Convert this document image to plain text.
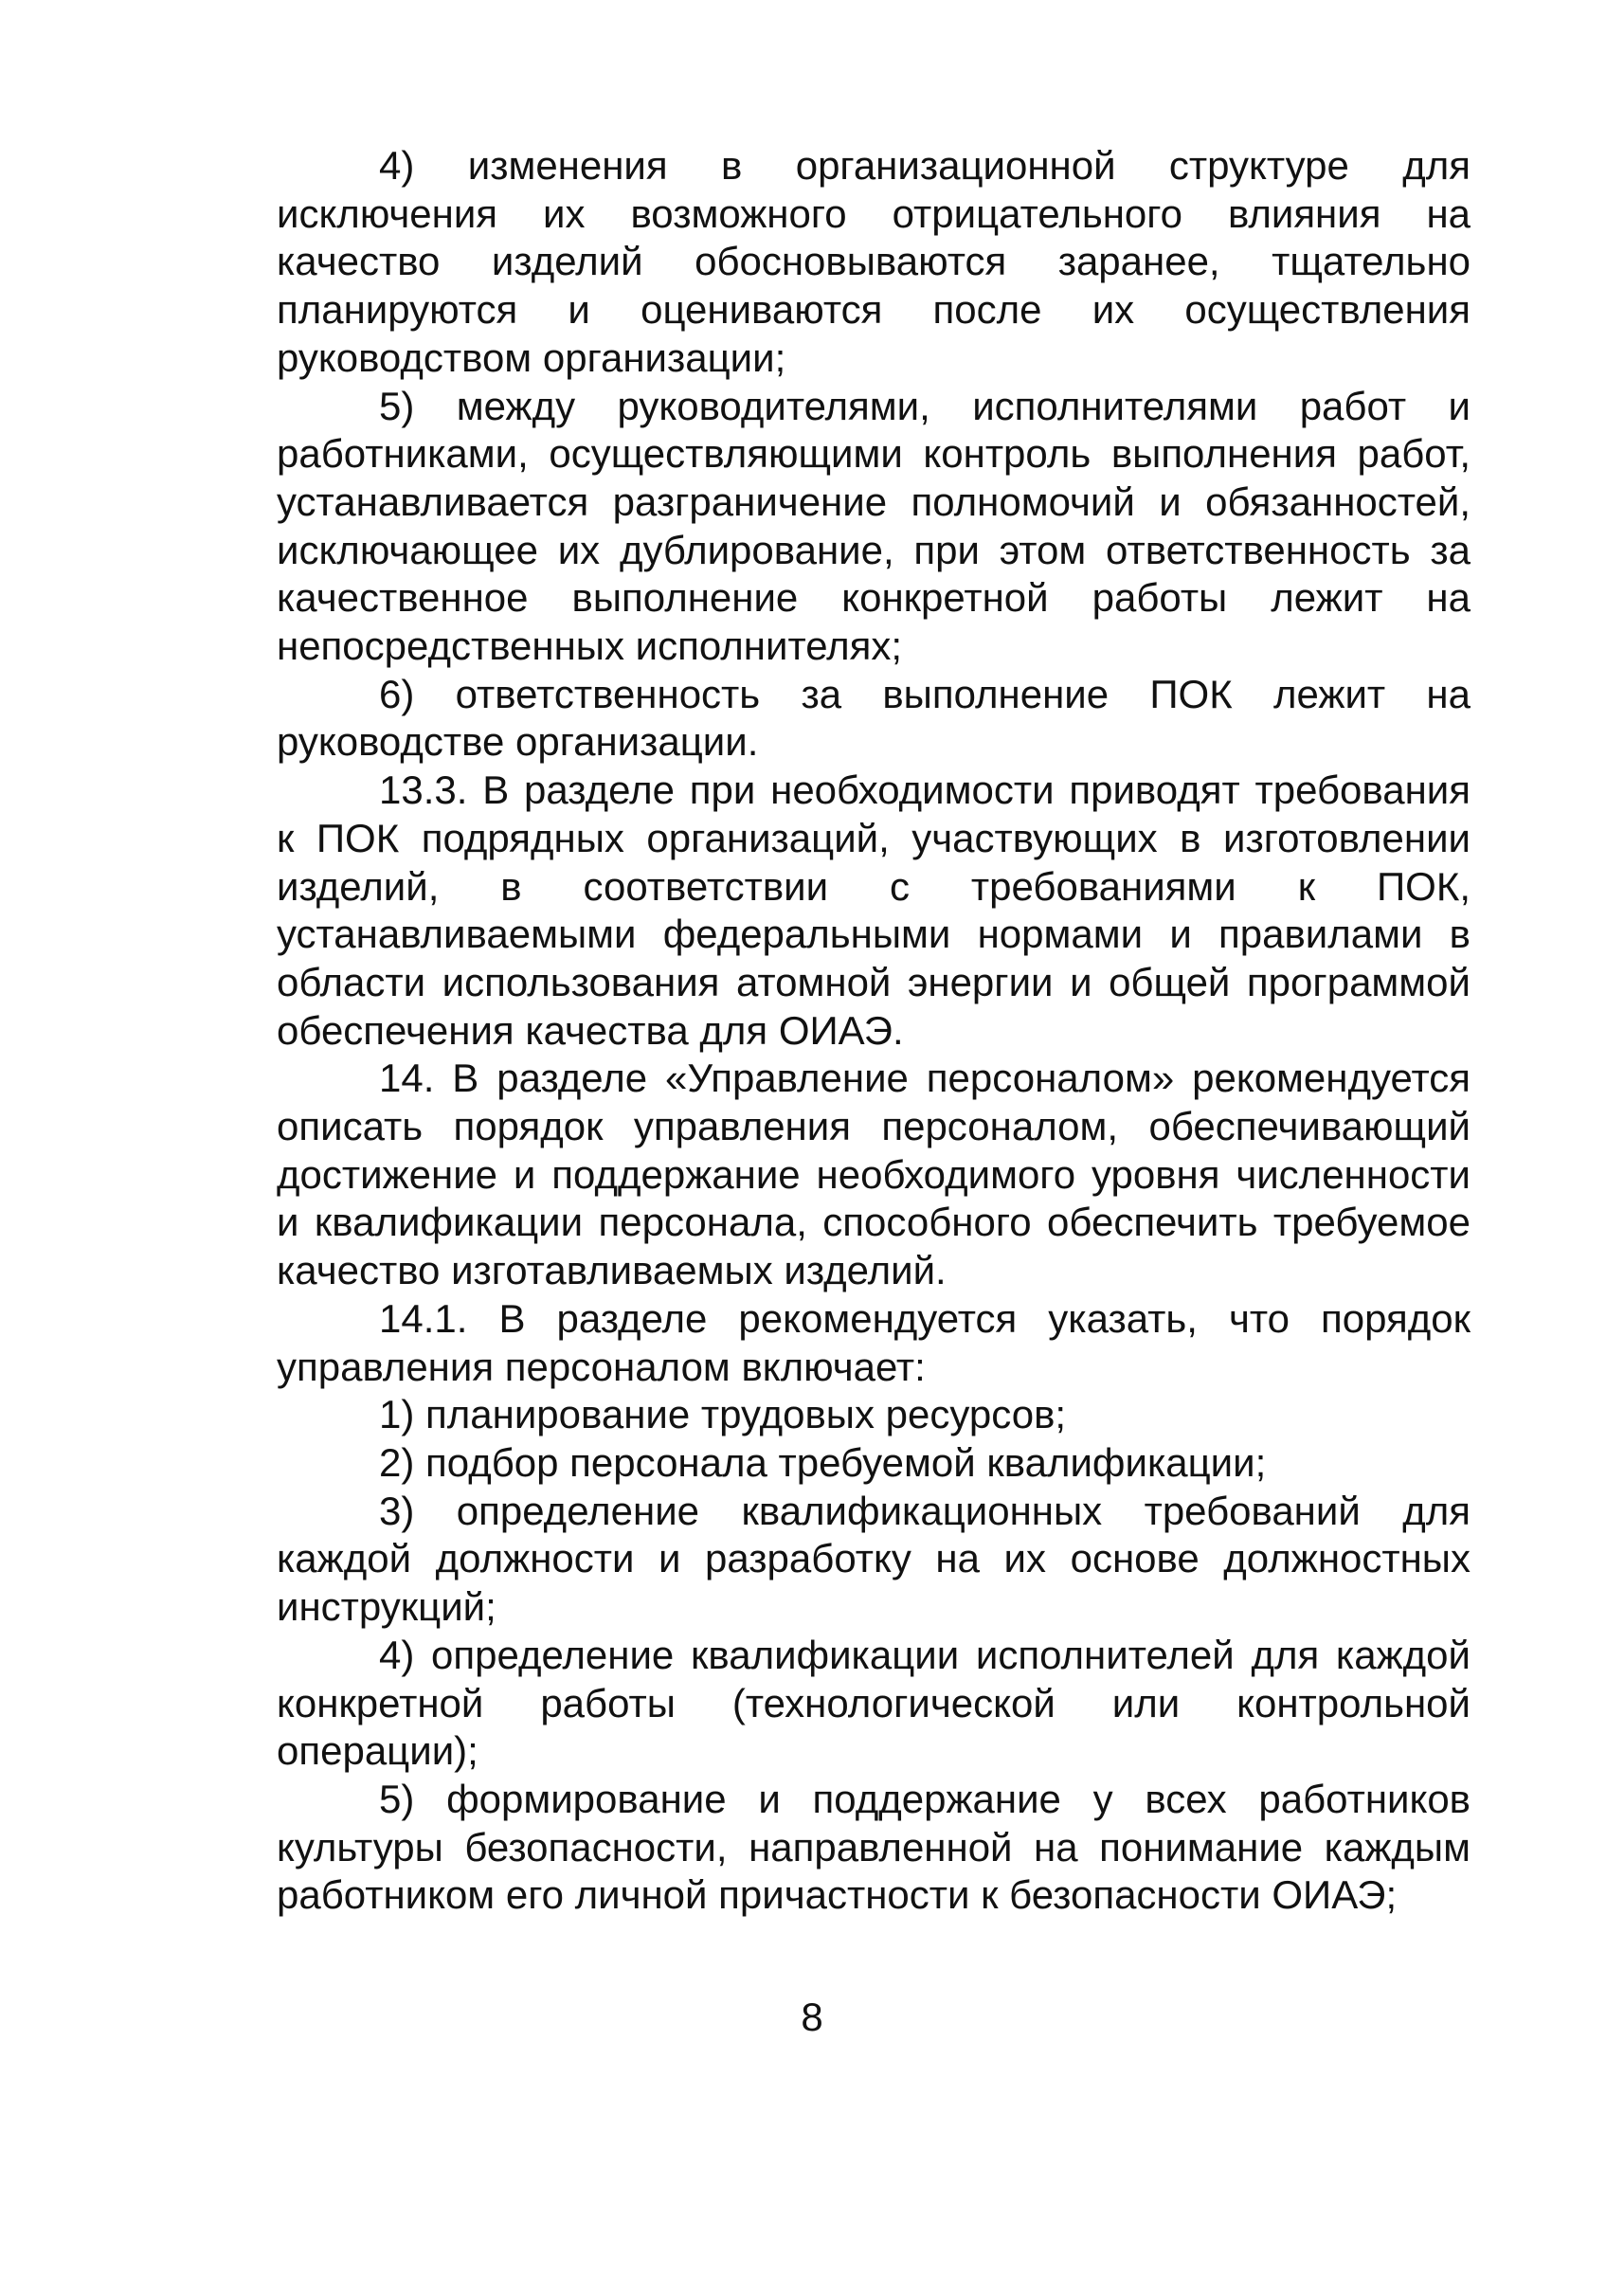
4) изменения в организационной структуре для исключения их возможного отрицательного влияния на качество изделий обосновываются заранее, тщательно планируются и оцениваются после их осуществления руководством организации;

5) между руководителями, исполнителями работ и работниками, осуществляющими контроль выполнения работ, устанавливается разграничение полномочий и обязанностей, исключающее их дублирование, при этом ответственность за качественное выполнение конкретной работы лежит на непосредственных исполнителях;

6) ответственность за выполнение ПОК лежит на руководстве организации.

13.3. В разделе при необходимости приводят требования к ПОК подрядных организаций, участвующих в изготовлении изделий, в соответствии с требованиями к ПОК, устанавливаемыми федеральными нормами и правилами в области использования атомной энергии и общей программой обеспечения качества для ОИАЭ.

14. В разделе «Управление персоналом» рекомендуется описать порядок управления персоналом, обеспечивающий достижение и поддержание необходимого уровня численности и квалификации персонала, способного обеспечить требуемое качество изготавливаемых изделий.

14.1. В разделе рекомендуется указать, что порядок управления персоналом включает:

1) планирование трудовых ресурсов;

2) подбор персонала требуемой квалификации;

3) определение квалификационных требований для каждой должности и разработку на их основе должностных инструкций;

4) определение квалификации исполнителей для каждой конкретной работы (технологической или контрольной операции);

5) формирование и поддержание у всех работников культуры безопасности, направленной на понимание каждым работником его личной причастности к безопасности ОИАЭ;

8
